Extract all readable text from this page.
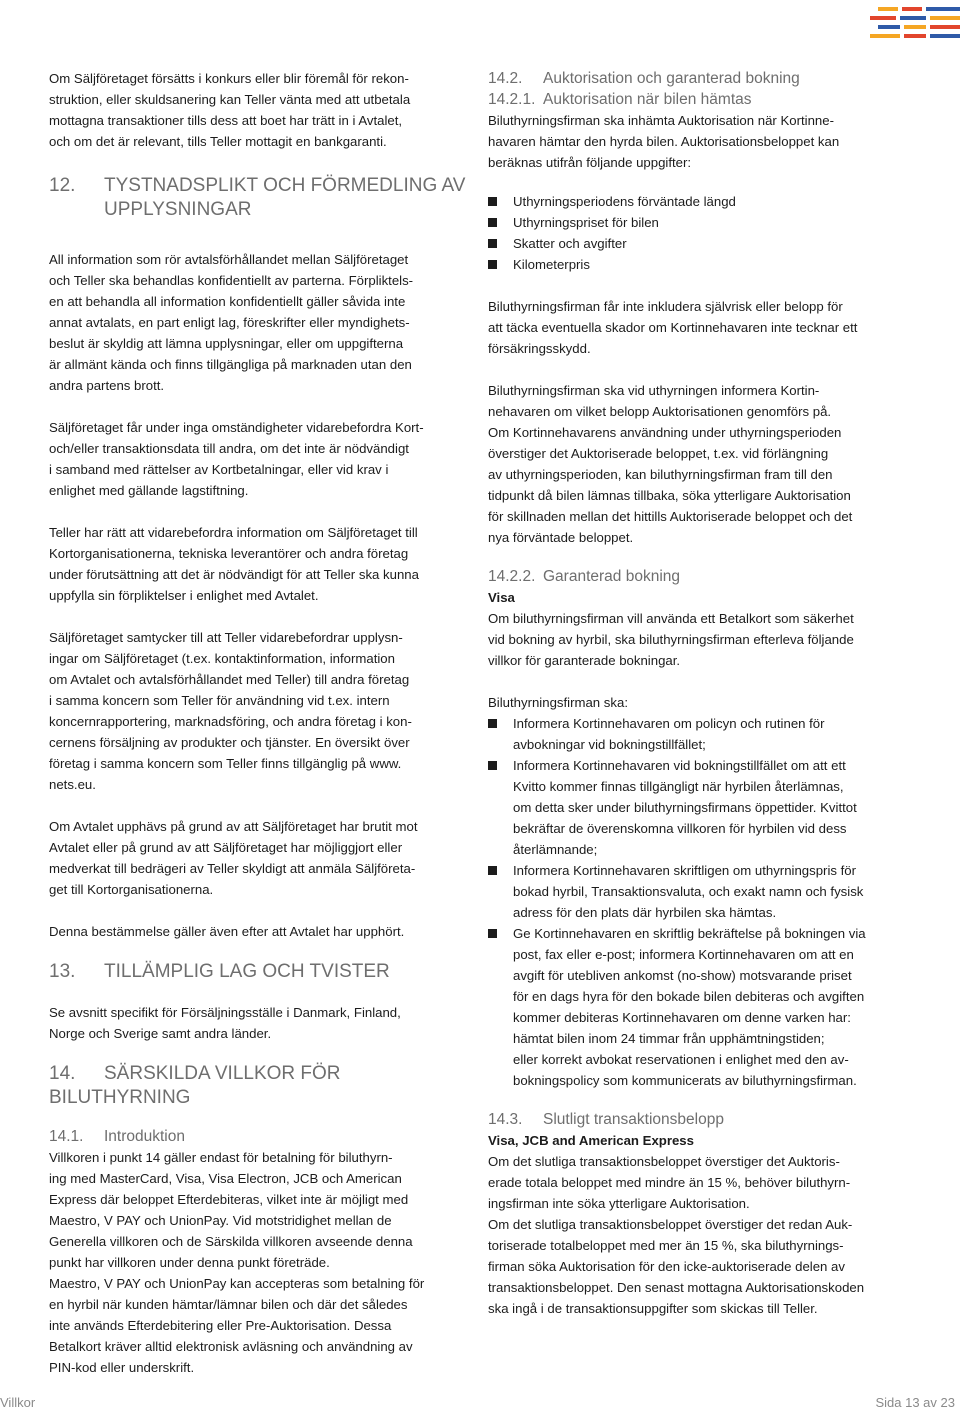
Om Säljföretaget försätts i konkurs eller blir föremål för rekon-
struktion, eller skuldsanering kan Teller vänta med att utbetala
mottagna transaktioner tills dess att boet har trätt in i Avtalet,
och om det är relevant, tills Teller mottagit en bankgaranti.

12. TYSTNADSPLIKT OCH FÖRMEDLING AV
UPPLYSNINGAR

All information som rör avtalsförhållandet mellan Säljföretaget
och Teller ska behandlas konfidentiellt av parterna. Förpliktels-
en att behandla all information konfidentiellt gäller såvida inte
annat avtalats, en part enligt lag, föreskrifter eller myndighets-
beslut är skyldig att lämna upplysningar, eller om uppgifterna
är allmänt kända och finns tillgängliga på marknaden utan den
andra partens brott.

Säljföretaget får under inga omständigheter vidarebefordra Kort-
och/eller transaktionsdata till andra, om det inte är nödvändigt
i samband med rättelser av Kortbetalningar, eller vid krav i
enlighet med gällande lagstiftning.

Teller har rätt att vidarebefordra information om Säljföretaget till
Kortorganisationerna, tekniska leverantörer och andra företag
under förutsättning att det är nödvändigt för att Teller ska kunna
uppfylla sin förpliktelser i enlighet med Avtalet.

Säljföretaget samtycker till att Teller vidarebefordrar upplysn-
ingar om Säljföretaget (t.ex. kontaktinformation, information
om Avtalet och avtalsförhållandet med Teller) till andra företag
i samma koncern som Teller för användning vid t.ex. intern
koncernrapportering, marknadsföring, och andra företag i kon-
cernens försäljning av produkter och tjänster. En översikt över
företag i samma koncern som Teller finns tillgänglig på www.
nets.eu.

Om Avtalet upphävs på grund av att Säljföretaget har brutit mot
Avtalet eller på grund av att Säljföretaget har möjliggjort eller
medverkat till bedrägeri av Teller skyldigt att anmäla Säljföreta-
get till Kortorganisationerna.

Denna bestämmelse gäller även efter att Avtalet har upphört.

13. TILLÄMPLIG LAG OCH TVISTER

Se avsnitt specifikt för Försäljningsställe i Danmark, Finland,
Norge och Sverige samt andra länder.

14. SÄRSKILDA VILLKOR FÖR BILUTHYRNING
14.1. Introduktion

Villkoren i punkt 14 gäller endast för betalning för biluthyrn-
ing med MasterCard, Visa, Visa Electron, JCB och American
Express där beloppet Efterdebiteras, vilket inte är möjligt med
Maestro, V PAY och UnionPay. Vid motstridighet mellan de
Generella villkoren och de Särskilda villkoren avseende denna
punkt har villkoren under denna punkt företräde.
Maestro, V PAY och UnionPay kan accepteras som betalning för
en hyrbil när kunden hämtar/lämnar bilen och där det således
inte används Efterdebitering eller Pre-Auktorisation. Dessa
Betalkort kräver alltid elektronisk avläsning och användning av
PIN-kod eller underskrift.

14.2. Auktorisation och garanterad bokning
14.2.1. Auktorisation när bilen hämtas

Biluthyrningsfirman ska inhämta Auktorisation när Kortinne-
havaren hämtar den hyrda bilen. Auktorisationsbeloppet kan
beräknas utifrån följande uppgifter:

Uthyrningsperiodens förväntade längd
Uthyrningspriset för bilen
Skatter och avgifter
Kilometerpris

Biluthyrningsfirman får inte inkludera självrisk eller belopp för
att täcka eventuella skador om Kortinnehavaren inte tecknar ett
försäkringsskydd.

Biluthyrningsfirman ska vid uthyrningen informera Kortin-
nehavaren om vilket belopp Auktorisationen genomförs på.
Om Kortinnehavarens användning under uthyrningsperioden
överstiger det Auktoriserade beloppet, t.ex. vid förlängning
av uthyrningsperioden, kan biluthyrningsfirman fram till den
tidpunkt då bilen lämnas tillbaka, söka ytterligare Auktorisation
för skillnaden mellan det hittills Auktoriserade beloppet och det
nya förväntade beloppet.

14.2.2. Garanterad bokning

Visa

Om biluthyrningsfirman vill använda ett Betalkort som säkerhet
vid bokning av hyrbil, ska biluthyrningsfirman efterleva följande
villkor för garanterade bokningar.

Biluthyrningsfirman ska:

Informera Kortinnehavaren om policyn och rutinen för
avbokningar vid bokningstillfället;
Informera Kortinnehavaren vid bokningstillfället om att ett
Kvitto kommer finnas tillgängligt när hyrbilen återlämnas,
om detta sker under biluthyrningsfirmans öppettider. Kvittot
bekräftar de överenskomna villkoren för hyrbilen vid dess
återlämnande;
Informera Kortinnehavaren skriftligen om uthyrningspris för
bokad hyrbil, Transaktionsvaluta, och exakt namn och fysisk
adress för den plats där hyrbilen ska hämtas.
Ge Kortinnehavaren en skriftlig bekräftelse på bokningen via
post, fax eller e-post; informera Kortinnehavaren om att en
avgift för utebliven ankomst (no-show) motsvarande priset
för en dags hyra för den bokade bilen debiteras och avgiften
kommer debiteras Kortinnehavaren om denne varken har:
hämtat bilen inom 24 timmar från upphämtningstiden;
eller korrekt avbokat reservationen i enlighet med den av-
bokningspolicy som kommunicerats av biluthyrningsfirman.
14.3. Slutligt transaktionsbelopp

Visa, JCB and American Express

Om det slutliga transaktionsbeloppet överstiger det Auktoris-
erade totala beloppet med mindre än 15 %, behöver biluthyrn-
ingsfirman inte söka ytterligare Auktorisation.
Om det slutliga transaktionsbeloppet överstiger det redan Auk-
toriserade totalbeloppet med mer än 15 %, ska biluthyrnings-
firman söka Auktorisation för den icke-auktoriserade delen av
transaktionsbeloppet. Den senast mottagna Auktorisationskoden
ska ingå i de transaktionsuppgifter som skickas till Teller.

Villkor	Sida 13 av 23
